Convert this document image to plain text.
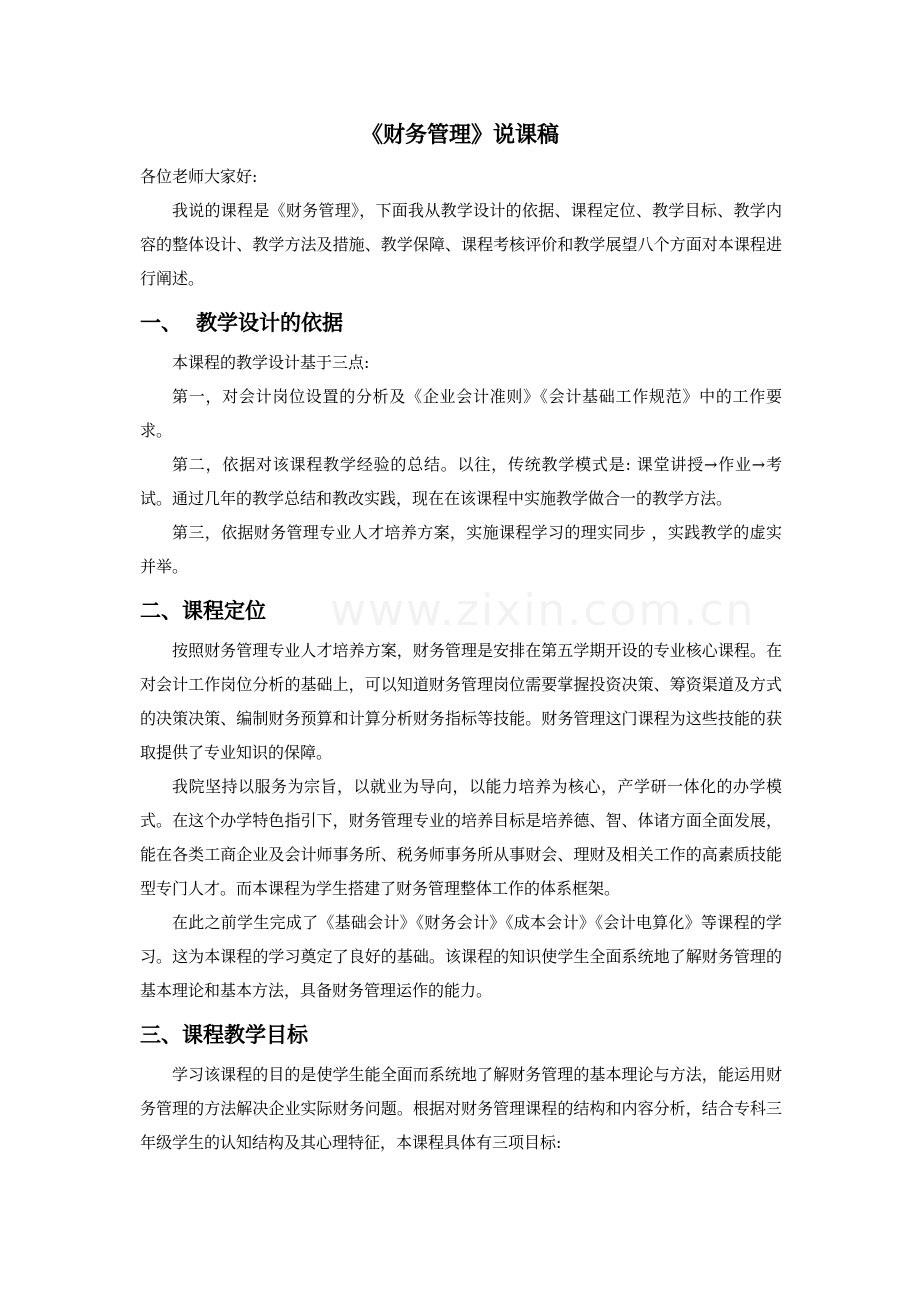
www.zixin.com.cn
《财务管理》说课稿

各位老师大家好:

我说的课程是《财务管理》，下面我从教学设计的依据、课程定位、教学目标、教学内容的整体设计、教学方法及措施、教学保障、课程考核评价和教学展望八个方面对本课程进行阐述。

一、 教学设计的依据

本课程的教学设计基于三点:

第一，对会计岗位设置的分析及《企业会计准则》《会计基础工作规范》中的工作要求。

第二，依据对该课程教学经验的总结。以往，传统教学模式是: 课堂讲授→作业→考试。通过几年的教学总结和教改实践，现在在该课程中实施教学做合一的教学方法。

第三，依据财务管理专业人才培养方案，实施课程学习的理实同步 ，实践教学的虚实并举。

二、课程定位

按照财务管理专业人才培养方案，财务管理是安排在第五学期开设的专业核心课程。在对会计工作岗位分析的基础上，可以知道财务管理岗位需要掌握投资决策、筹资渠道及方式的决策决策、编制财务预算和计算分析财务指标等技能。财务管理这门课程为这些技能的获取提供了专业知识的保障。

我院坚持以服务为宗旨，以就业为导向，以能力培养为核心，产学研一体化的办学模式。在这个办学特色指引下，财务管理专业的培养目标是培养德、智、体诸方面全面发展，能在各类工商企业及会计师事务所、税务师事务所从事财会、理财及相关工作的高素质技能型专门人才。而本课程为学生搭建了财务管理整体工作的体系框架。

在此之前学生完成了《基础会计》《财务会计》《成本会计》《会计电算化》等课程的学习。这为本课程的学习奠定了良好的基础。该课程的知识使学生全面系统地了解财务管理的基本理论和基本方法，具备财务管理运作的能力。

三、课程教学目标

学习该课程的目的是使学生能全面而系统地了解财务管理的基本理论与方法，能运用财务管理的方法解决企业实际财务问题。根据对财务管理课程的结构和内容分析，结合专科三年级学生的认知结构及其心理特征，本课程具体有三项目标:
